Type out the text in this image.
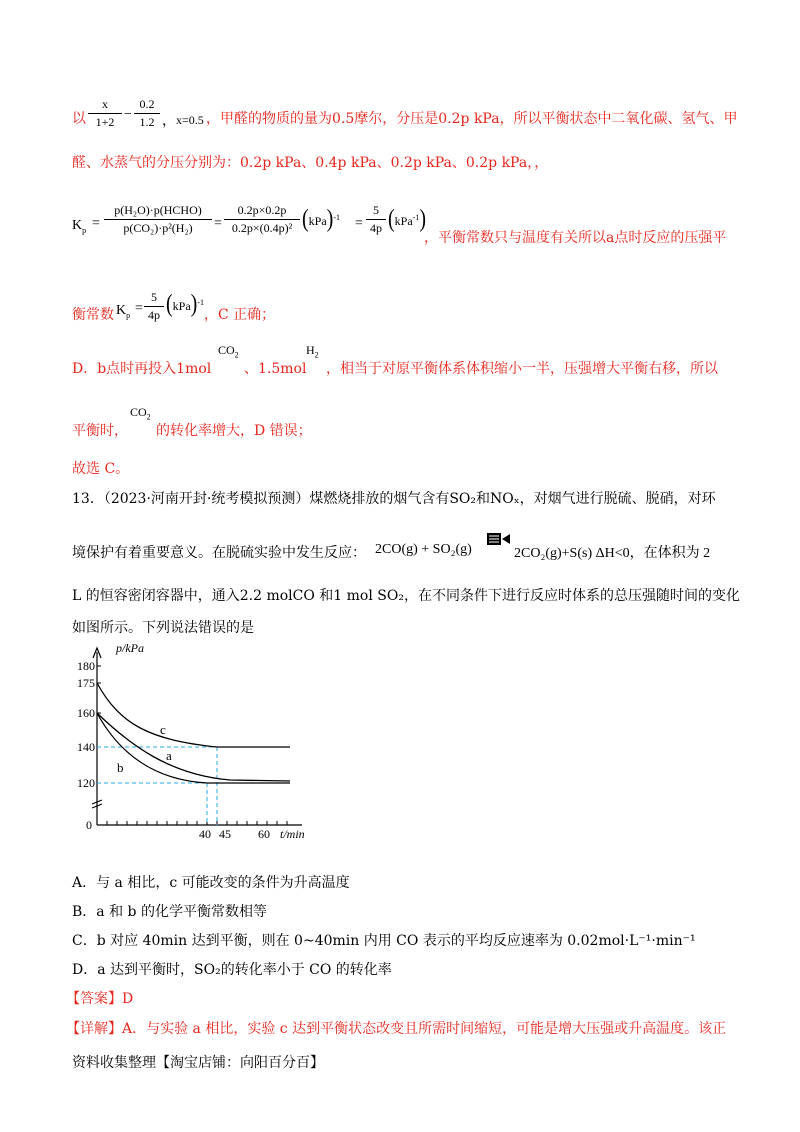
以
x
1+2 −
0.2
1.2 ， x=0.5 ，甲醛的物质的量为0.5摩尔，分压是0.2p kPa，所以平衡状态中二氧化碳、氢气、甲
醛、水蒸气的分压分别为：0.2p kPa、0.4p kPa、0.2p kPa、0.2p kPa，，
$K_p$ =
p(H₂O)·p(HCHO)
p(CO₂)·p²(H₂)	=
0.2p×0.2p
0.2p×(0.4p)² (kPa)$^{-1}$ =
5
4p (kPa$^{-1}$)
，平衡常数只与温度有关所以a点时反应的压强平
衡常数 $K_p$ =
5
4p (kPa)$^{-1}$
，C 正确；
D．b点时再投入1mol
$CO_2$
、1.5mol
$H_2$
，相当于对原平衡体系体积缩小一半，压强增大平衡右移，所以
平衡时，
$CO_2$
的转化率增大，D 错误；
故选 C。
13．（2023·河南开封·统考模拟预测）煤燃烧排放的烟气含有SO₂和NOₓ，对烟气进行脱硫、脱硝，对环
境保护有着重要意义。在脱硫实验中发生反应： 2CO(g) + SO₂(g)	2CO₂(g)+S(s) ΔH<0，在体积为 2
L 的恒容密闭容器中，通入2.2 molCO 和1 mol SO₂，在不同条件下进行反应时体系的总压强随时间的变化
如图所示。下列说法错误的是
p/kPa
180
175
160
140
120
0
40 45 60 t/min
c
a
b
A．与 a 相比，c 可能改变的条件为升高温度
B．a 和 b 的化学平衡常数相等
C．b 对应 40min 达到平衡，则在 0~40min 内用 CO 表示的平均反应速率为 0.02mol·L⁻¹·min⁻¹
D．a 达到平衡时，SO₂的转化率小于 CO 的转化率
【答案】D
【详解】A．与实验 a 相比，实验 c 达到平衡状态改变且所需时间缩短，可能是增大压强或升高温度。该正
资料收集整理【淘宝店铺：向阳百分百】
